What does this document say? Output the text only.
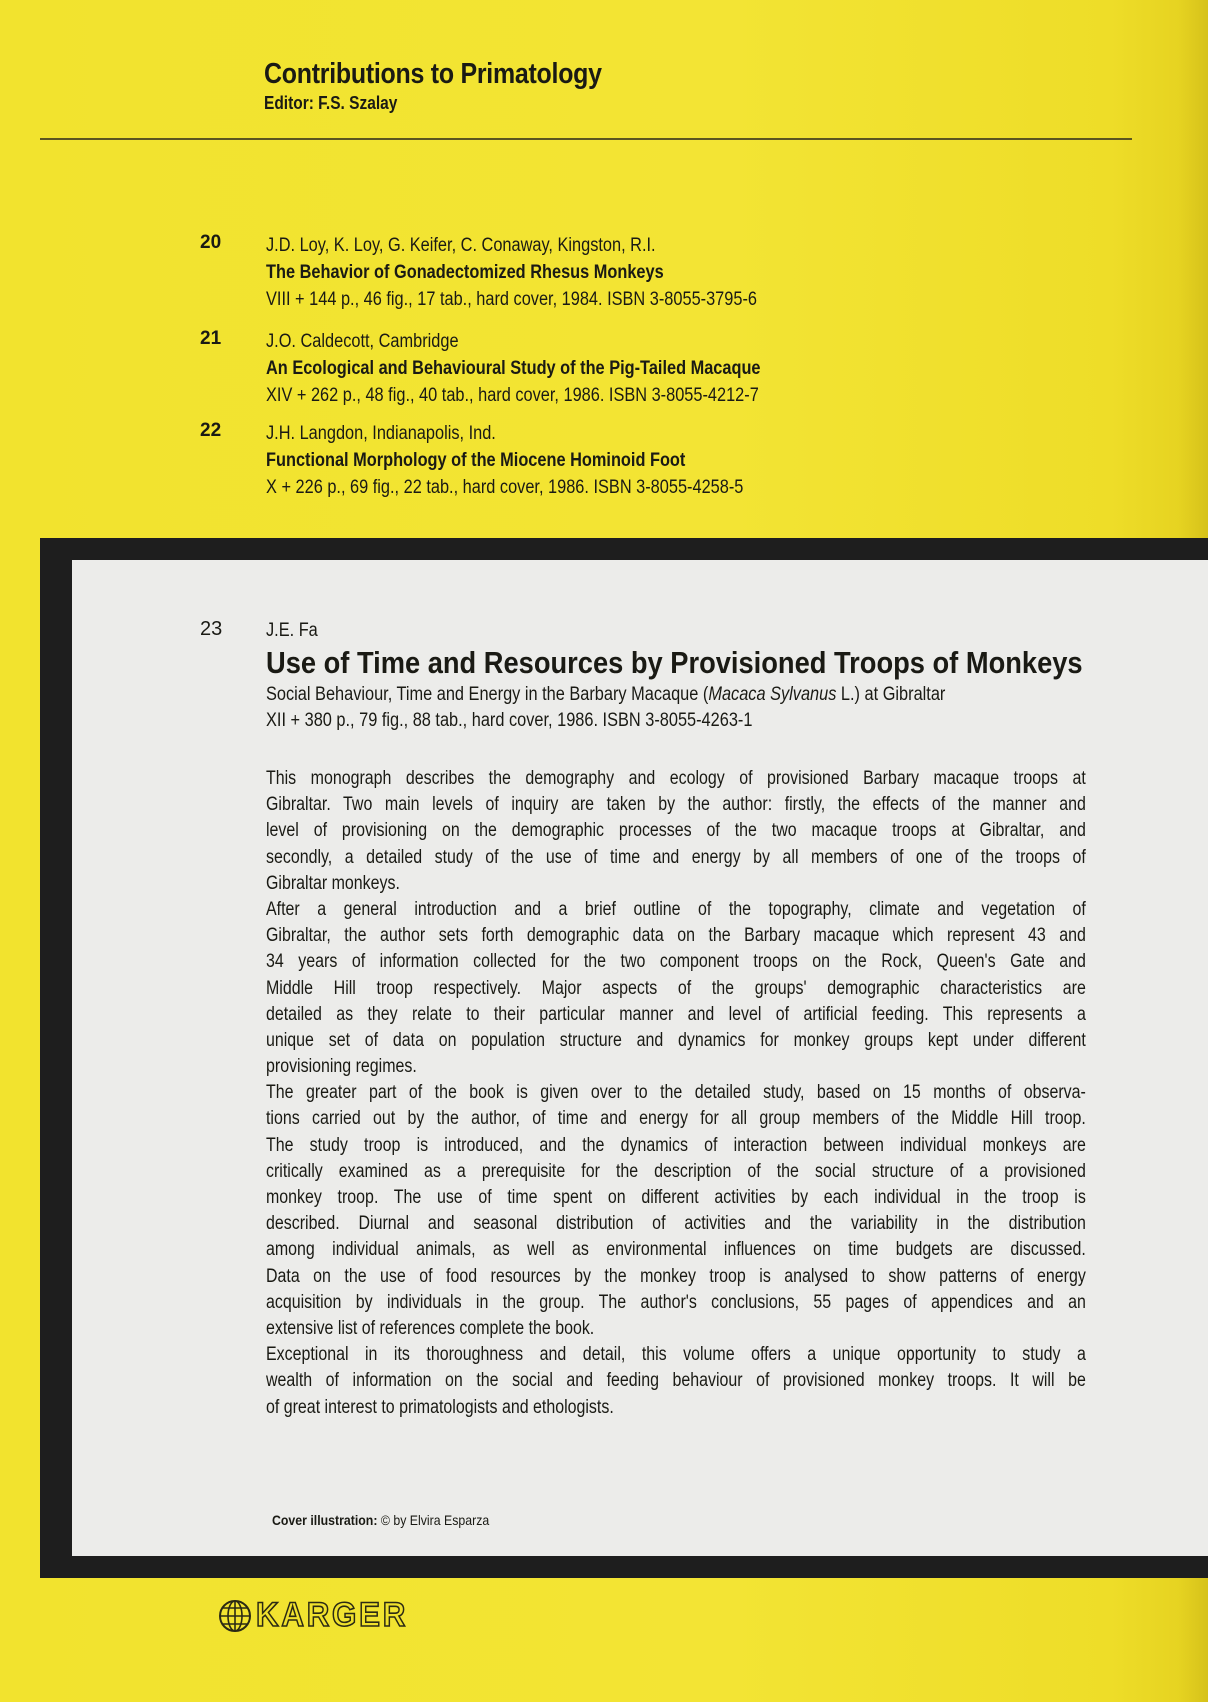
Contributions to Primatology
Editor: F.S. Szalay
20	J.D. Loy, K. Loy, G. Keifer, C. Conaway, Kingston, R.I.
The Behavior of Gonadectomized Rhesus Monkeys
VIII + 144 p., 46 fig., 17 tab., hard cover, 1984. ISBN 3-8055-3795-6
21	J.O. Caldecott, Cambridge
An Ecological and Behavioural Study of the Pig-Tailed Macaque
XIV + 262 p., 48 fig., 40 tab., hard cover, 1986. ISBN 3-8055-4212-7
22	J.H. Langdon, Indianapolis, Ind.
Functional Morphology of the Miocene Hominoid Foot
X + 226 p., 69 fig., 22 tab., hard cover, 1986. ISBN 3-8055-4258-5
23 J.E. Fa
Use of Time and Resources by Provisioned Troops of Monkeys
Social Behaviour, Time and Energy in the Barbary Macaque (Macaca Sylvanus L.) at Gibraltar
XII + 380 p., 79 fig., 88 tab., hard cover, 1986. ISBN 3-8055-4263-1
This monograph describes the demography and ecology of provisioned Barbary macaque troops at
Gibraltar. Two main levels of inquiry are taken by the author: firstly, the effects of the manner and
level of provisioning on the demographic processes of the two macaque troops at Gibraltar, and
secondly, a detailed study of the use of time and energy by all members of one of the troops of
Gibraltar monkeys.
After a general introduction and a brief outline of the topography, climate and vegetation of
Gibraltar, the author sets forth demographic data on the Barbary macaque which represent 43 and
34 years of information collected for the two component troops on the Rock, Queen's Gate and
Middle Hill troop respectively. Major aspects of the groups' demographic characteristics are
detailed as they relate to their particular manner and level of artificial feeding. This represents a
unique set of data on population structure and dynamics for monkey groups kept under different
provisioning regimes.
The greater part of the book is given over to the detailed study, based on 15 months of observa-
tions carried out by the author, of time and energy for all group members of the Middle Hill troop.
The study troop is introduced, and the dynamics of interaction between individual monkeys are
critically examined as a prerequisite for the description of the social structure of a provisioned
monkey troop. The use of time spent on different activities by each individual in the troop is
described. Diurnal and seasonal distribution of activities and the variability in the distribution
among individual animals, as well as environmental influences on time budgets are discussed.
Data on the use of food resources by the monkey troop is analysed to show patterns of energy
acquisition by individuals in the group. The author's conclusions, 55 pages of appendices and an
extensive list of references complete the book.
Exceptional in its thoroughness and detail, this volume offers a unique opportunity to study a
wealth of information on the social and feeding behaviour of provisioned monkey troops. It will be
of great interest to primatologists and ethologists.
Cover illustration: © by Elvira Esparza
KARGER
